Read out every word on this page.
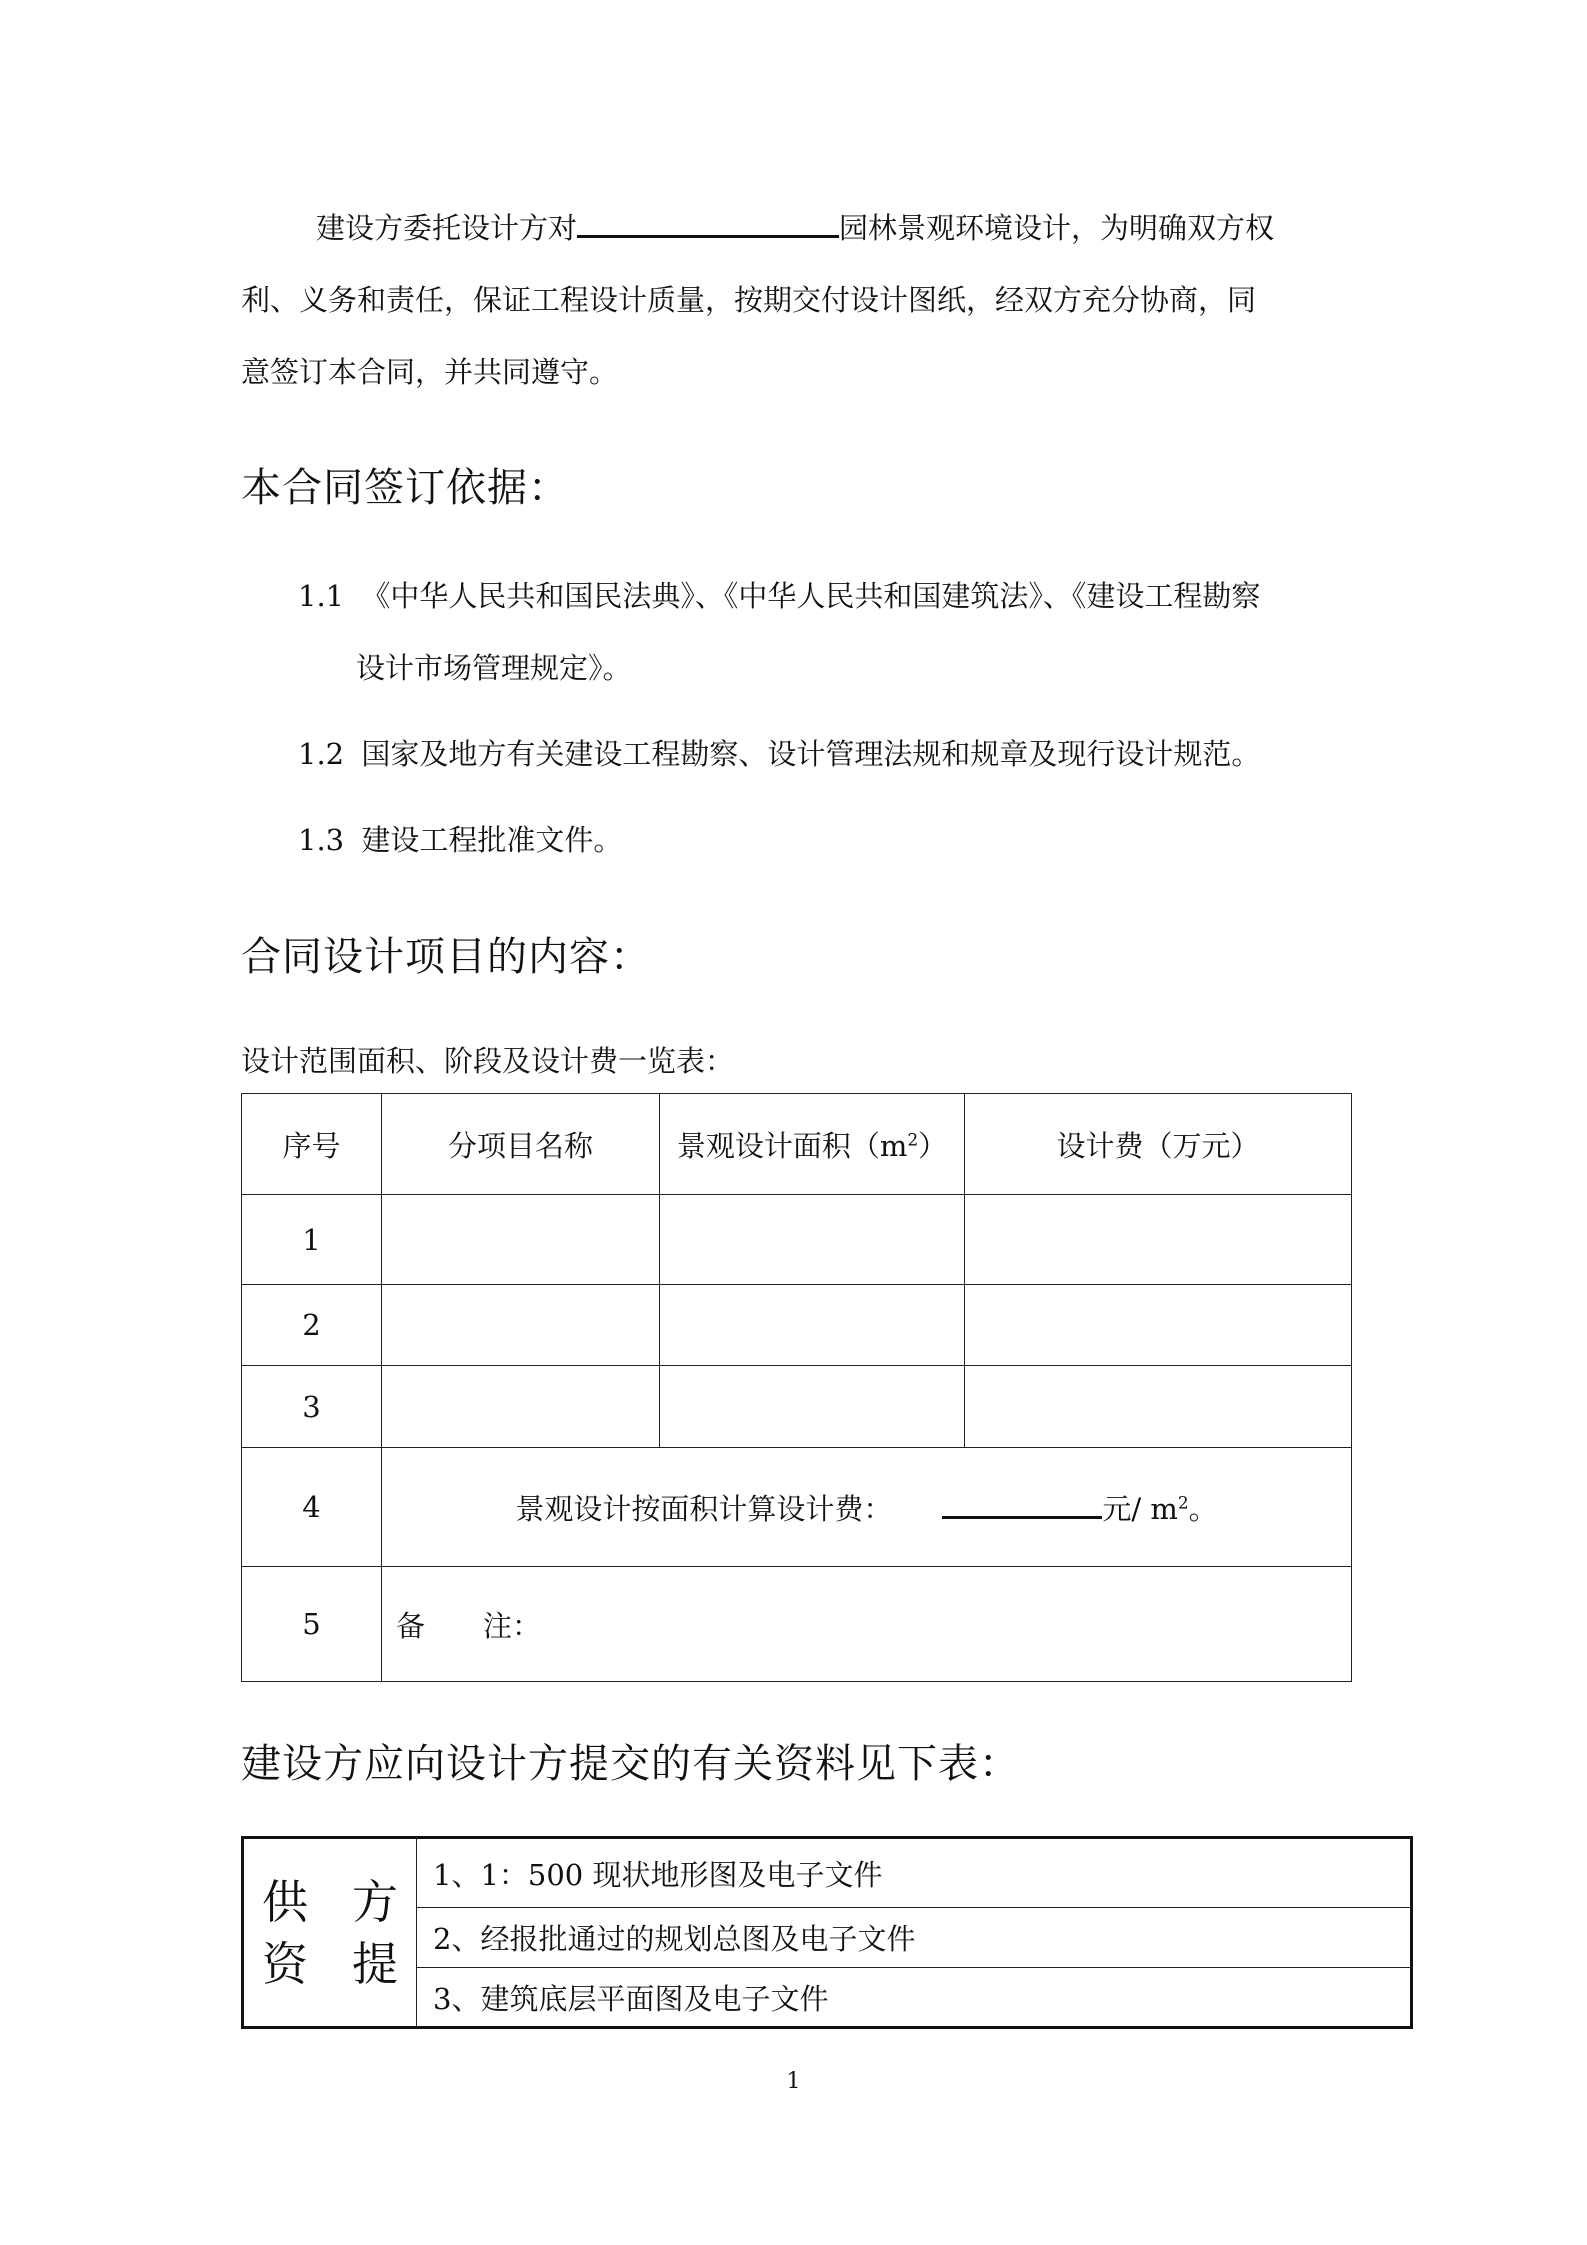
建设方委托设计方对	园林景观环境设计，为明确双方权

利、义务和责任，保证工程设计质量，按期交付设计图纸，经双方充分协商，同

意签订本合同，并共同遵守。

本合同签订依据：

1.1 《中华人民共和国民法典》、《中华人民共和国建筑法》、《建设工程勘察

设计市场管理规定》。

1.2 国家及地方有关建设工程勘察、设计管理法规和规章及现行设计规范。

1.3 建设工程批准文件。

合同设计项目的内容：

设计范围面积、阶段及设计费一览表：

序号	分项目名称	景观设计面积$(m^2)$	设计费（万元）
1			
2			
3			
4	景观设计按面积计算设计费： 元/ $m^2$。		
5	备　　注：		
建设方应向设计方提交的有关资料见下表：
供 方
资 提
	1、1：500 现状地形图及电子文件
2、经报批通过的规划总图及电子文件
3、建筑底层平面图及电子文件
1
